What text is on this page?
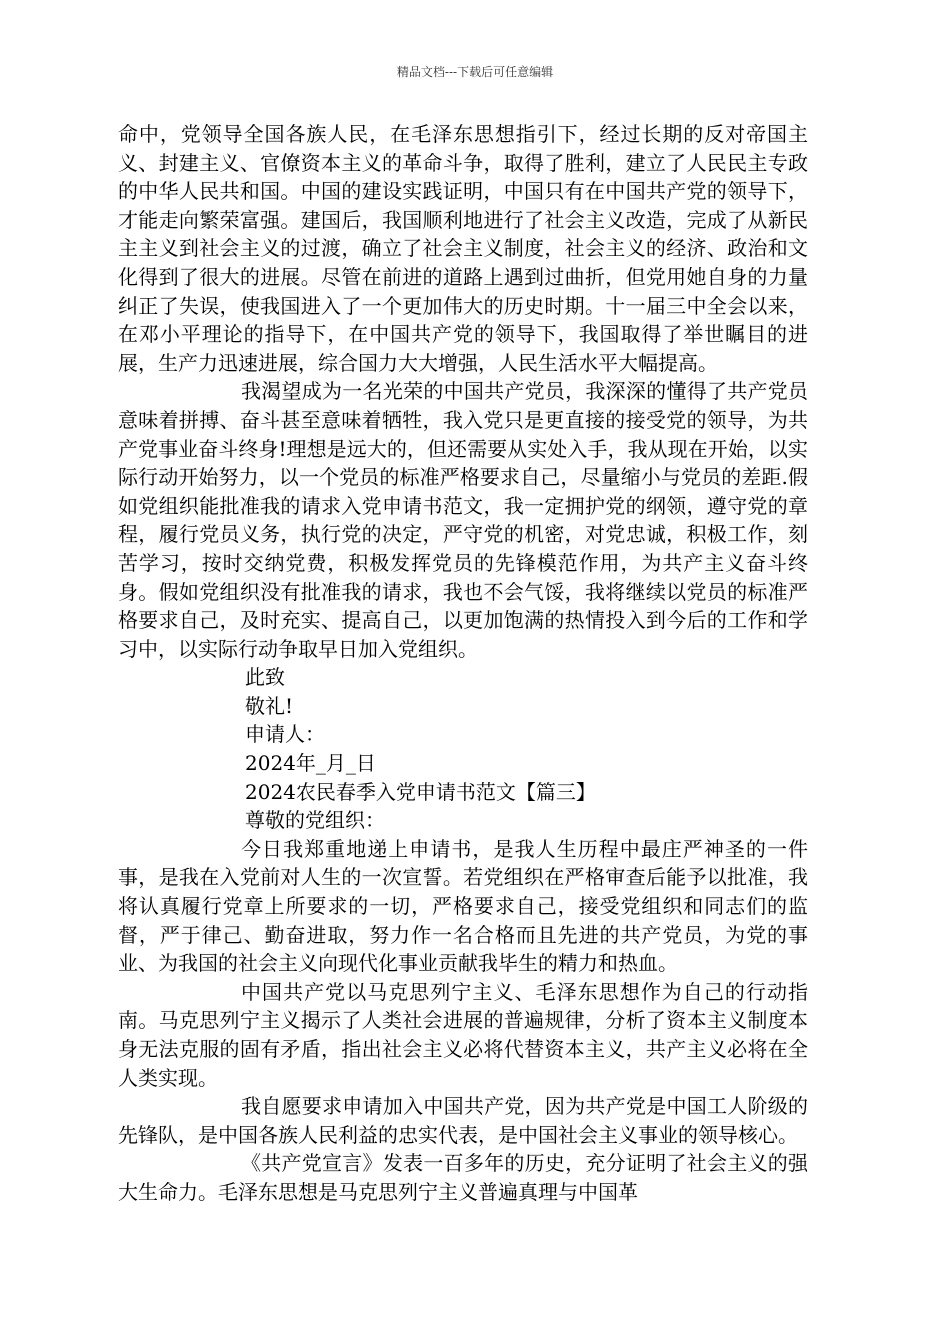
精品文档---下载后可任意编辑

命中，党领导全国各族人民，在毛泽东思想指引下，经过长期的反对帝国主义、封建主义、官僚资本主义的革命斗争，取得了胜利，建立了人民民主专政的中华人民共和国。中国的建设实践证明，中国只有在中国共产党的领导下，才能走向繁荣富强。建国后，我国顺利地进行了社会主义改造，完成了从新民主主义到社会主义的过渡，确立了社会主义制度，社会主义的经济、政治和文化得到了很大的进展。尽管在前进的道路上遇到过曲折，但党用她自身的力量纠正了失误，使我国进入了一个更加伟大的历史时期。十一届三中全会以来，在邓小平理论的指导下，在中国共产党的领导下，我国取得了举世瞩目的进展，生产力迅速进展，综合国力大大增强，人民生活水平大幅提高。

我渴望成为一名光荣的中国共产党员，我深深的懂得了共产党员意味着拼搏、奋斗甚至意味着牺牲，我入党只是更直接的接受党的领导，为共产党事业奋斗终身!理想是远大的，但还需要从实处入手，我从现在开始，以实际行动开始努力，以一个党员的标准严格要求自己，尽量缩小与党员的差距.假如党组织能批准我的请求入党申请书范文，我一定拥护党的纲领，遵守党的章程，履行党员义务，执行党的决定，严守党的机密，对党忠诚，积极工作，刻苦学习，按时交纳党费，积极发挥党员的先锋模范作用，为共产主义奋斗终身。假如党组织没有批准我的请求，我也不会气馁，我将继续以党员的标准严格要求自己，及时充实、提高自己，以更加饱满的热情投入到今后的工作和学习中，以实际行动争取早日加入党组织。

此致

敬礼!

申请人：

2024年_月_日

2024农民春季入党申请书范文【篇三】

尊敬的党组织：

今日我郑重地递上申请书，是我人生历程中最庄严神圣的一件事，是我在入党前对人生的一次宣誓。若党组织在严格审查后能予以批准，我将认真履行党章上所要求的一切，严格要求自己，接受党组织和同志们的监督，严于律己、勤奋进取，努力作一名合格而且先进的共产党员，为党的事业、为我国的社会主义向现代化事业贡献我毕生的精力和热血。

中国共产党以马克思列宁主义、毛泽东思想作为自己的行动指南。马克思列宁主义揭示了人类社会进展的普遍规律，分析了资本主义制度本身无法克服的固有矛盾，指出社会主义必将代替资本主义，共产主义必将在全人类实现。

我自愿要求申请加入中国共产党，因为共产党是中国工人阶级的先锋队，是中国各族人民利益的忠实代表，是中国社会主义事业的领导核心。

《共产党宣言》发表一百多年的历史，充分证明了社会主义的强大生命力。毛泽东思想是马克思列宁主义普遍真理与中国革
